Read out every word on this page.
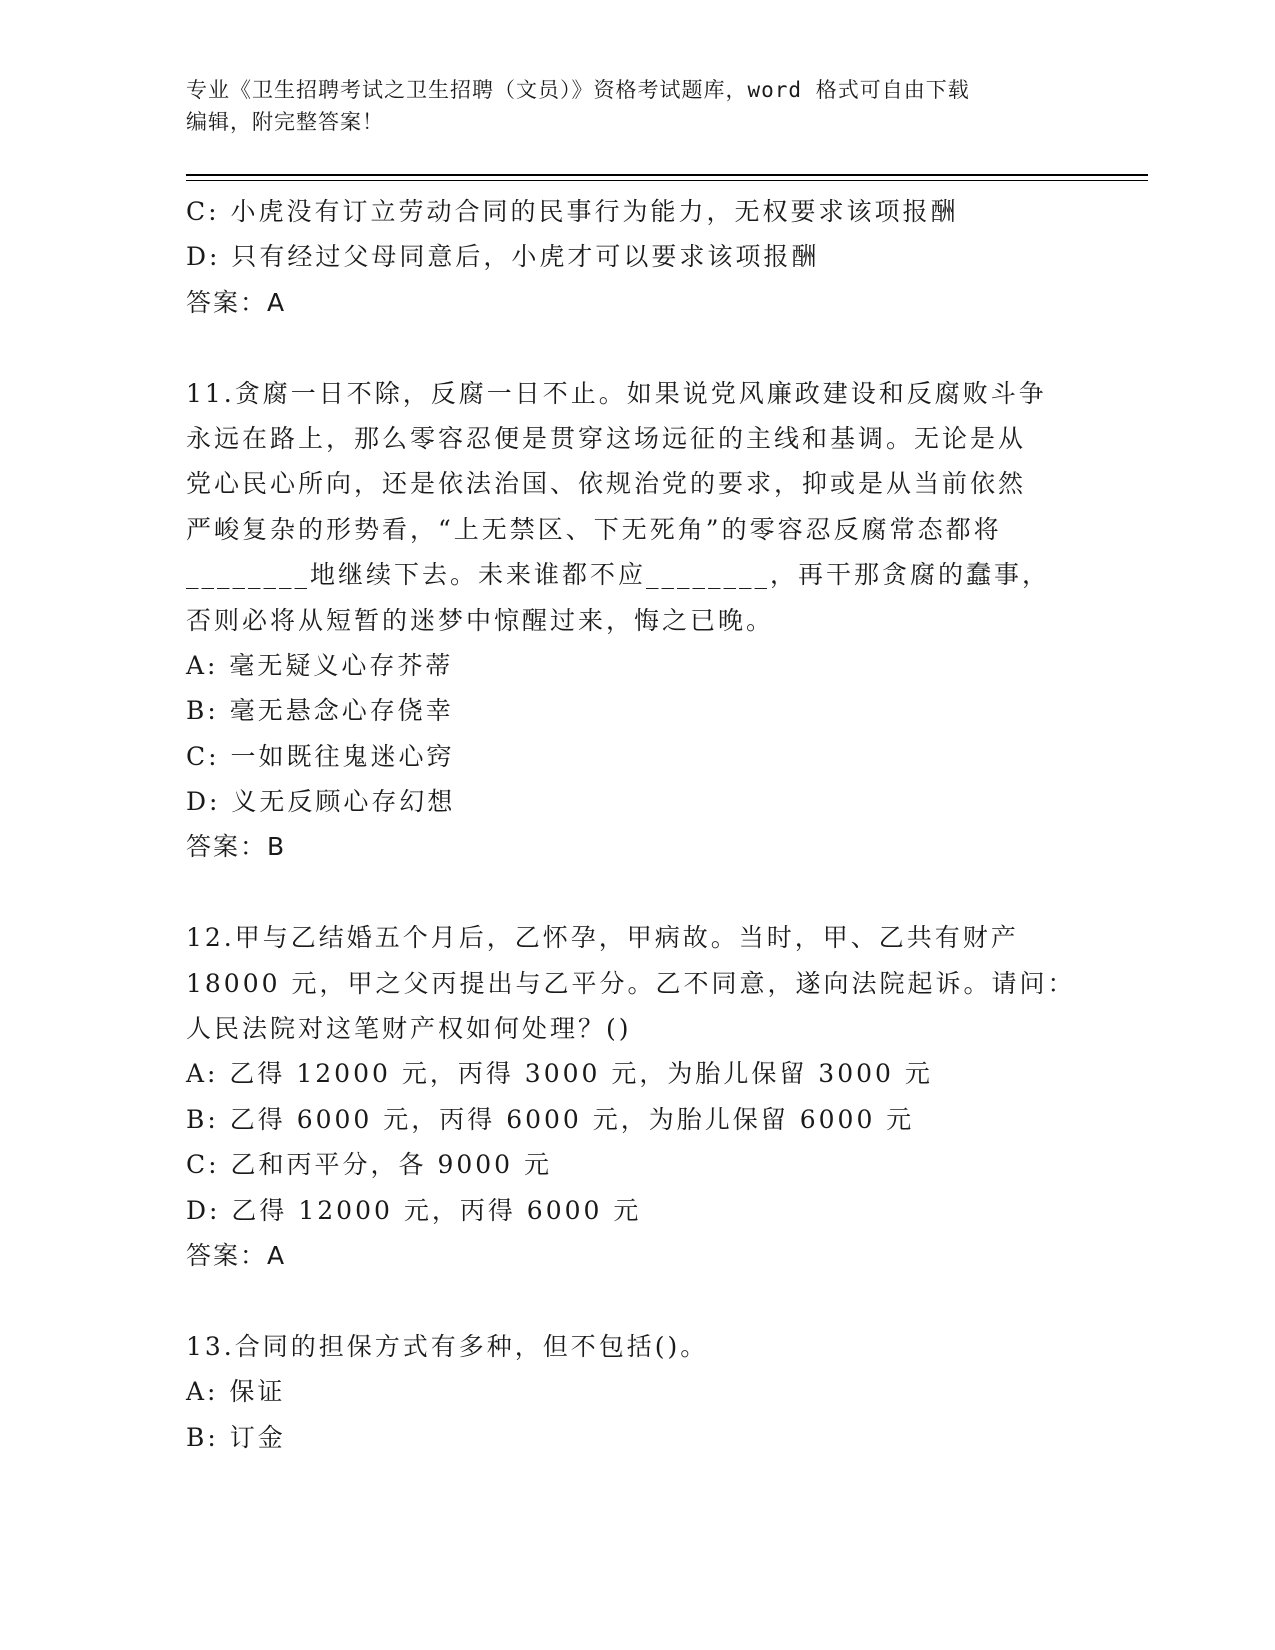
专业《卫生招聘考试之卫生招聘（文员）》资格考试题库，word 格式可自由下载
编辑，附完整答案！
C: 小虎没有订立劳动合同的民事行为能力，无权要求该项报酬
D: 只有经过父母同意后，小虎才可以要求该项报酬
答案：A
11.贪腐一日不除，反腐一日不止。如果说党风廉政建设和反腐败斗争
永远在路上，那么零容忍便是贯穿这场远征的主线和基调。无论是从
党心民心所向，还是依法治国、依规治党的要求，抑或是从当前依然
严峻复杂的形势看，“上无禁区、下无死角”的零容忍反腐常态都将
________地继续下去。未来谁都不应________，再干那贪腐的蠢事，
否则必将从短暂的迷梦中惊醒过来，悔之已晚。
A: 毫无疑义心存芥蒂
B: 毫无悬念心存侥幸
C: 一如既往鬼迷心窍
D: 义无反顾心存幻想
答案：B
12.甲与乙结婚五个月后，乙怀孕，甲病故。当时，甲、乙共有财产
18000 元，甲之父丙提出与乙平分。乙不同意，遂向法院起诉。请问：
人民法院对这笔财产权如何处理？()
A: 乙得 12000 元，丙得 3000 元，为胎儿保留 3000 元
B: 乙得 6000 元，丙得 6000 元，为胎儿保留 6000 元
C: 乙和丙平分，各 9000 元
D: 乙得 12000 元，丙得 6000 元
答案：A
13.合同的担保方式有多种，但不包括()。
A: 保证
B: 订金
